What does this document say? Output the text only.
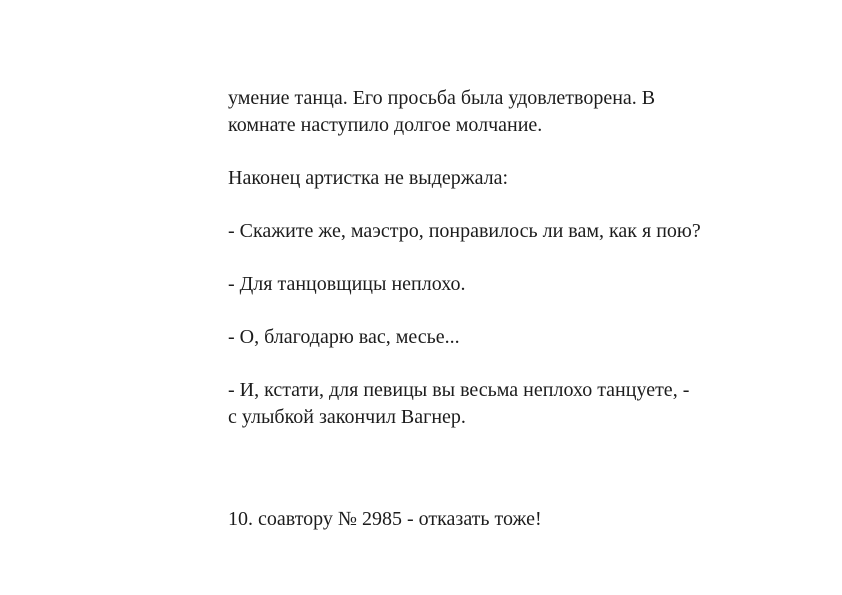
умение танца. Его просьба была удовлетворена. В
комнате наступило долгое молчание.

Наконец артистка не выдержала:

- Скажите же, маэстро, понравилось ли вам, как я пою?

- Для танцовщицы неплохо.

- О, благодарю вас, месье...

- И, кстати, для певицы вы весьма неплохо танцуете, -
с улыбкой закончил Вагнер.

10. соавтору № 2985 - отказать тоже!
